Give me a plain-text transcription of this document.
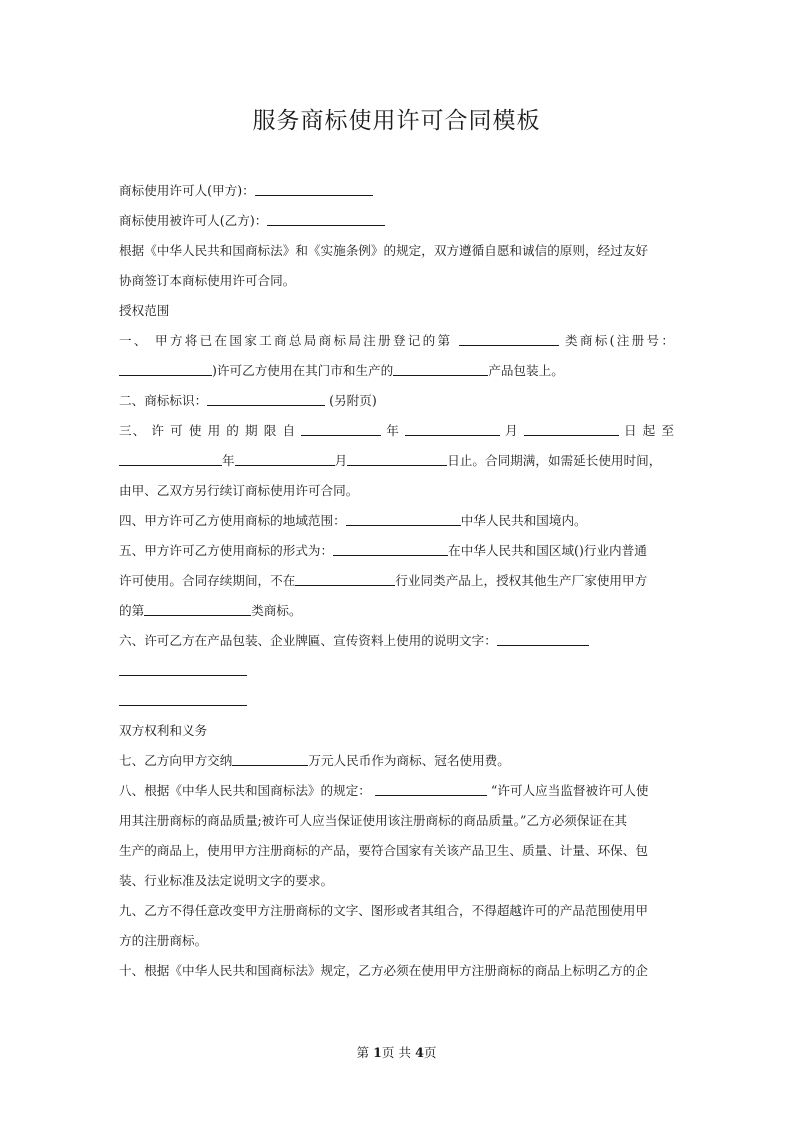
服务商标使用许可合同模板
商标使用许可人(甲方)：
商标使用被许可人(乙方)：
根据《中华人民共和国商标法》和《实施条例》的规定，双方遵循自愿和诚信的原则，经过友好
协商签订本商标使用许可合同。
授权范围
一、 甲方将已在国家工商总局商标局注册登记的第	类商标(注册号：
)许可乙方使用在其门市和生产的	产品包装上。
二、商标标识：	(另附页)
三、 许 可 使 用 的 期 限 自	年	月	日 起 至
年	月	日止。合同期满，如需延长使用时间，
由甲、乙双方另行续订商标使用许可合同。
四、甲方许可乙方使用商标的地域范围：	中华人民共和国境内。
五、甲方许可乙方使用商标的形式为：	在中华人民共和国区域()行业内普通
许可使用。合同存续期间，不在	行业同类产品上，授权其他生产厂家使用甲方
的第	类商标。
六、许可乙方在产品包装、企业牌匾、宣传资料上使用的说明文字：
双方权利和义务
七、乙方向甲方交纳	万元人民币作为商标、冠名使用费。
八、根据《中华人民共和国商标法》的规定：	“许可人应当监督被许可人使
用其注册商标的商品质量;被许可人应当保证使用该注册商标的商品质量。”乙方必须保证在其
生产的商品上，使用甲方注册商标的产品，要符合国家有关该产品卫生、质量、计量、环保、包
装、行业标准及法定说明文字的要求。
九、乙方不得任意改变甲方注册商标的文字、图形或者其组合，不得超越许可的产品范围使用甲
方的注册商标。
十、根据《中华人民共和国商标法》规定，乙方必须在使用甲方注册商标的商品上标明乙方的企
第 1页 共 4页
